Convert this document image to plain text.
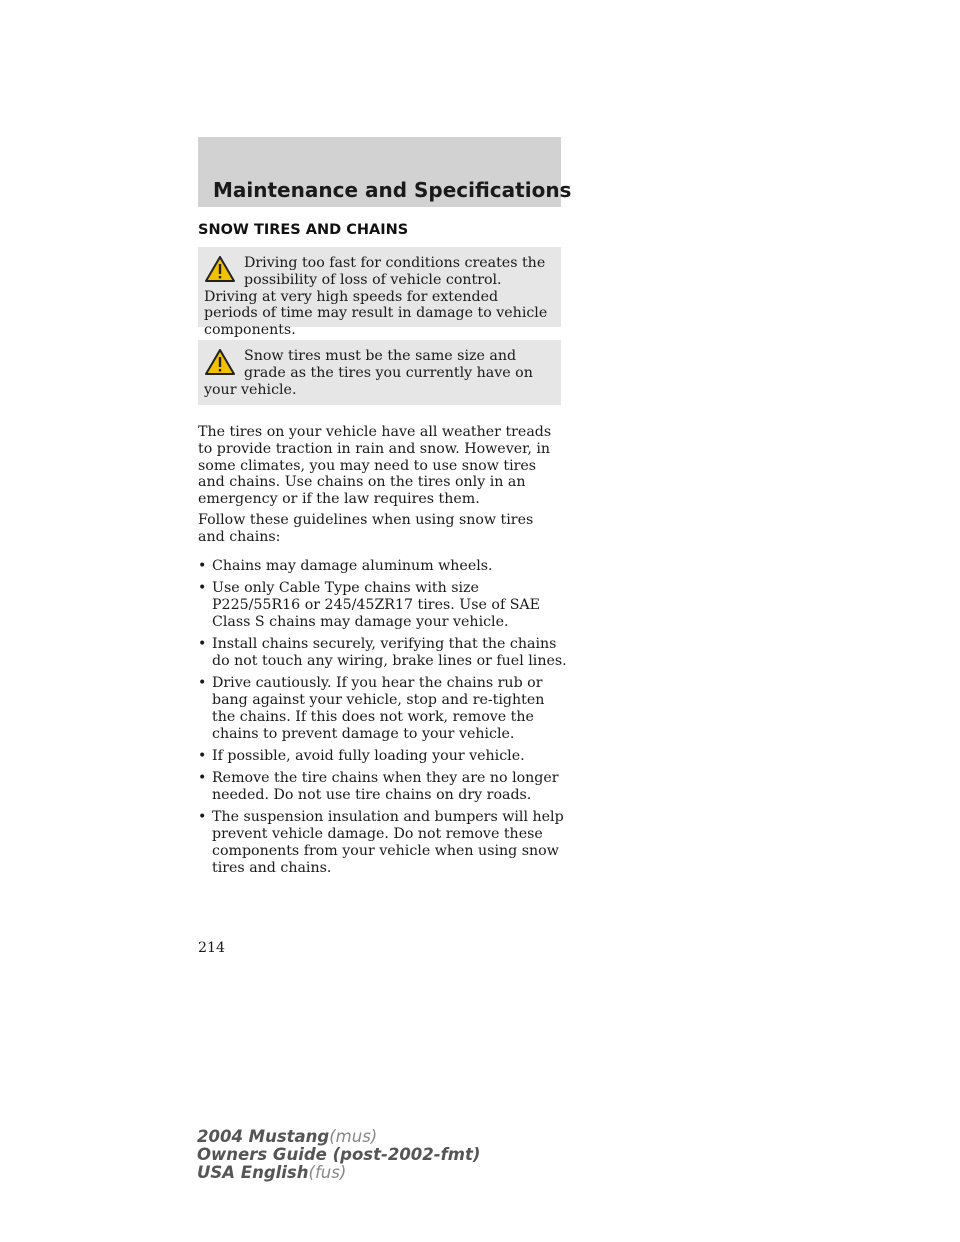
Maintenance and Specifications
SNOW TIRES AND CHAINS

Driving too fast for conditions creates the possibility of loss of vehicle control. Driving at very high speeds for extended periods of time may result in damage to vehicle components.

Snow tires must be the same size and grade as the tires you currently have on your vehicle.

The tires on your vehicle have all weather treads to provide traction in rain and snow. However, in some climates, you may need to use snow tires and chains. Use chains on the tires only in an emergency or if the law requires them.

Follow these guidelines when using snow tires and chains:

• Chains may damage aluminum wheels.
• Use only Cable Type chains with size P225/55R16 or 245/45ZR17 tires. Use of SAE Class S chains may damage your vehicle.
• Install chains securely, verifying that the chains do not touch any wiring, brake lines or fuel lines.
• Drive cautiously. If you hear the chains rub or bang against your vehicle, stop and re-tighten the chains. If this does not work, remove the chains to prevent damage to your vehicle.
• If possible, avoid fully loading your vehicle.
• Remove the tire chains when they are no longer needed. Do not use tire chains on dry roads.
• The suspension insulation and bumpers will help prevent vehicle damage. Do not remove these components from your vehicle when using snow tires and chains.
214
2004 Mustang(mus)
Owners Guide (post-2002-fmt)
USA English(fus)
